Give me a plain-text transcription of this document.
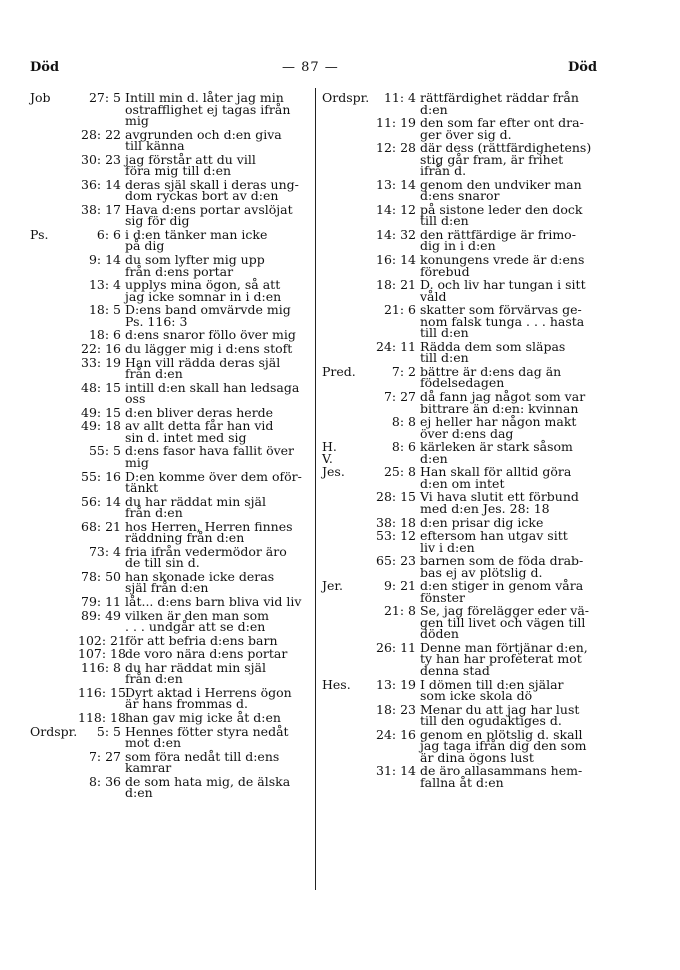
Död	— 87 —	Död
Job	27: 5 Intill min d. låter jag min
ostrafflighet ej tagas ifrån
mig
28: 22 avgrunden och d:en giva
till känna
30: 23 jag förstår att du vill
föra mig till d:en
36: 14 deras själ skall i deras ung-
dom ryckas bort av d:en
38: 17 Hava d:ens portar avslöjat
sig för dig
Ps.	6: 6 i d:en tänker man icke
på dig
9: 14 du som lyfter mig upp
från d:ens portar
13: 4 upplys mina ögon, så att
jag icke somnar in i d:en
18: 5 D:ens band omvärvde mig
Ps. 116: 3
18: 6 d:ens snaror föllo över mig
22: 16 du lägger mig i d:ens stoft
33: 19 Han vill rädda deras själ
från d:en
48: 15 intill d:en skall han ledsaga
oss
49: 15 d:en bliver deras herde
49: 18 av allt detta får han vid
sin d. intet med sig
55: 5 d:ens fasor hava fallit över
mig
55: 16 D:en komme över dem oför-
tänkt
56: 14 du har räddat min själ
från d:en
68: 21 hos Herren, Herren finnes
räddning från d:en
73: 4 fria ifrån vedermödor äro
de till sin d.
78: 50 han skonade icke deras
själ från d:en
79: 11 låt... d:ens barn bliva vid liv
89: 49 vilken är den man som
. . . undgår att se d:en
102: 21 för att befria d:ens barn
107: 18 de voro nära d:ens portar
116: 8 du har räddat min själ
från d:en
116: 15 Dyrt aktad i Herrens ögon
är hans frommas d.
118: 18 han gav mig icke åt d:en
Ordspr.	5: 5 Hennes fötter styra nedåt
mot d:en
7: 27 som föra nedåt till d:ens
kamrar
8: 36 de som hata mig, de älska
d:en
Ordspr.	11: 4 rättfärdighet räddar från
d:en
11: 19 den som far efter ont dra-
ger över sig d.
12: 28 där dess (rättfärdighetens)
stig går fram, är frihet
ifrån d.
13: 14 genom den undviker man
d:ens snaror
14: 12 på sistone leder den dock
till d:en
14: 32 den rättfärdige är frimo-
dig in i d:en
16: 14 konungens vrede är d:ens
förebud
18: 21 D. och liv har tungan i sitt
våld
21: 6 skatter som förvärvas ge-
nom falsk tunga . . . hasta
till d:en
24: 11 Rädda dem som släpas
till d:en
Pred.	7: 2 bättre är d:ens dag än
födelsedagen
7: 27 då fann jag något som var
bittrare än d:en: kvinnan
8: 8 ej heller har någon makt
över d:ens dag
H. V.
8: 6 kärleken är stark såsom
d:en
Jes.	25: 8 Han skall för alltid göra
d:en om intet
28: 15 Vi hava slutit ett förbund
med d:en Jes. 28: 18
38: 18 d:en prisar dig icke
53: 12 eftersom han utgav sitt
liv i d:en
65: 23 barnen som de föda drab-
bas ej av plötslig d.
Jer.	9: 21 d:en stiger in genom våra
fönster
21: 8 Se, jag förelägger eder vä-
gen till livet och vägen till
döden
26: 11 Denne man förtjänar d:en,
ty han har profeterat mot
denna stad
Hes. 13: 19 I dömen till d:en själar
som icke skola dö
18: 23 Menar du att jag har lust
till den ogudaktiges d.
24: 16 genom en plötslig d. skall
jag taga ifrån dig den som
är dina ögons lust
31: 14 de äro allasammans hem-
fallna åt d:en
